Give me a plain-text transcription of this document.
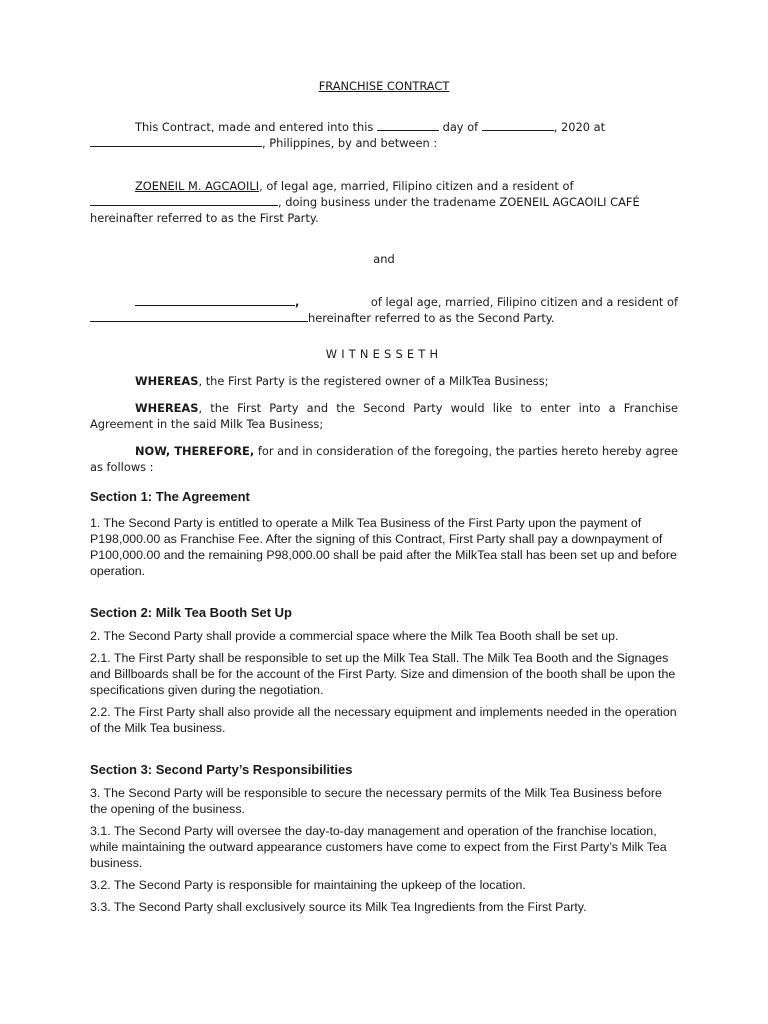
FRANCHISE CONTRACT

This Contract, made and entered into this	day of	, 2020 at
, Philippines, by and between :
ZOENEIL M. AGCAOILI, of legal age, married, Filipino citizen and a resident of
, doing business under the tradename ZOENEIL AGCAOILI CAFÉ
hereinafter referred to as the First Party.
and
,	of legal age, married, Filipino citizen and a resident of
hereinafter referred to as the Second Party.
WITNESSETH

WHEREAS, the First Party is the registered owner of a MilkTea Business;

WHEREAS, the First Party and the Second Party would like to enter into a Franchise Agreement in the said Milk Tea Business;

NOW, THEREFORE, for and in consideration of the foregoing, the parties hereto hereby agree as follows :

Section 1: The Agreement

1. The Second Party is entitled to operate a Milk Tea Business of the First Party upon the payment of P198,000.00 as Franchise Fee. After the signing of this Contract, First Party shall pay a downpayment of P100,000.00 and the remaining P98,000.00 shall be paid after the MilkTea stall has been set up and before operation.

Section 2: Milk Tea Booth Set Up

2. The Second Party shall provide a commercial space where the Milk Tea Booth shall be set up.

2.1. The First Party shall be responsible to set up the Milk Tea Stall. The Milk Tea Booth and the Signages and Billboards shall be for the account of the First Party. Size and dimension of the booth shall be upon the specifications given during the negotiation.

2.2. The First Party shall also provide all the necessary equipment and implements needed in the operation of the Milk Tea business.

Section 3: Second Party’s Responsibilities

3. The Second Party will be responsible to secure the necessary permits of the Milk Tea Business before the opening of the business.

3.1. The Second Party will oversee the day-to-day management and operation of the franchise location, while maintaining the outward appearance customers have come to expect from the First Party’s Milk Tea business.

3.2. The Second Party is responsible for maintaining the upkeep of the location.

3.3. The Second Party shall exclusively source its Milk Tea Ingredients from the First Party.
